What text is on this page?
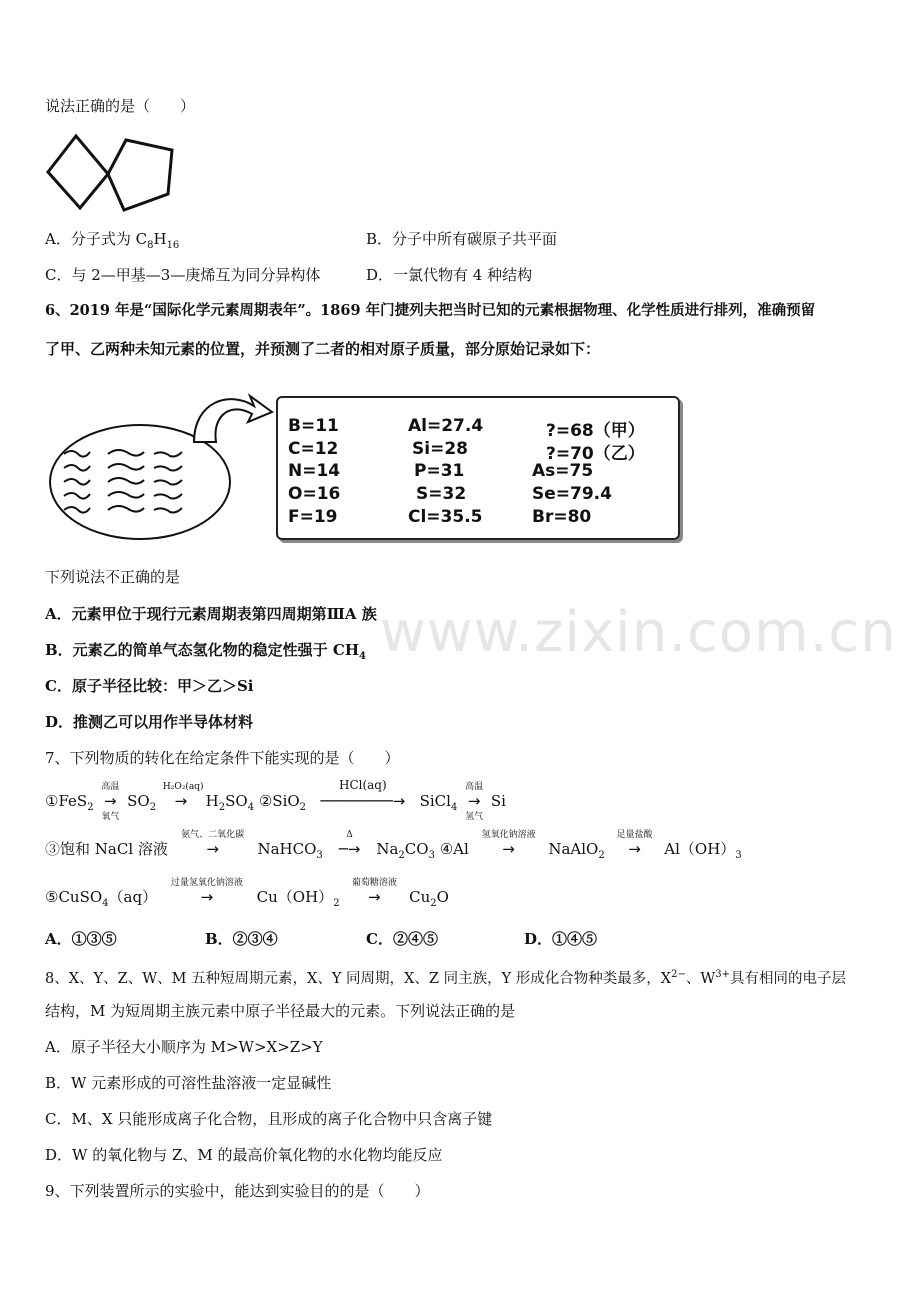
www.zixin.com.cn
说法正确的是（　　）
A．分子式为 $C_8H_{16}$	B．分子中所有碳原子共平面
C．与 2—甲基—3—庚烯互为同分异构体	D．一氯代物有 4 种结构
6、2019 年是“国际化学元素周期表年”。1869 年门捷列夫把当时已知的元素根据物理、化学性质进行排列，准确预留
了甲、乙两种未知元素的位置，并预测了二者的相对原子质量，部分原始记录如下：
B=11	Al=27.4	?=68（甲）
C=12	Si=28	?=70（乙）
N=14	P=31	As=75
O=16	S=32	Se=79.4
F=19	Cl=35.5	Br=80
下列说法不正确的是
A．元素甲位于现行元素周期表第四周期第ⅢA 族
B．元素乙的简单气态氢化物的稳定性强于 $CH_4$
C．原子半径比较：甲＞乙＞Si
D．推测乙可以用作半导体材料
7、下列物质的转化在给定条件下能实现的是（　　）
①FeS$_2$
高温
→
氧气
$SO_2$
H₂O₂(aq)
→ $H_2SO_4$ ②SiO$_2$
HCl(aq)
────────→ SiCl$_4$
高温
→
氢气
Si
③饱和 NaCl 溶液
氨气、二氧化碳
→	NaHCO$_3$
Δ
─→ $Na_2CO_3$ ④Al
氢氧化钠溶液
→ NaAlO$_2$
足量盐酸
→ $Al(OH)_3$
⑤CuSO$_4$（aq）
过量氢氧化钠溶液
→	$Cu(OH)_2$
葡萄糖溶液
→ $Cu_2O$
A．①③⑤	B．②③④	C．②④⑤	D．①④⑤
8、X、Y、Z、W、M 五种短周期元素，X、Y 同周期，X、Z 同主族，Y 形成化合物种类最多，$X^{2-}$、$W^{3+}$具有相同的电子层
结构，M 为短周期主族元素中原子半径最大的元素。下列说法正确的是
A．原子半径大小顺序为 M>W>X>Z>Y
B．W 元素形成的可溶性盐溶液一定显碱性
C．M、X 只能形成离子化合物，且形成的离子化合物中只含离子键
D．W 的氧化物与 Z、M 的最高价氧化物的水化物均能反应
9、下列装置所示的实验中，能达到实验目的的是（　　）
